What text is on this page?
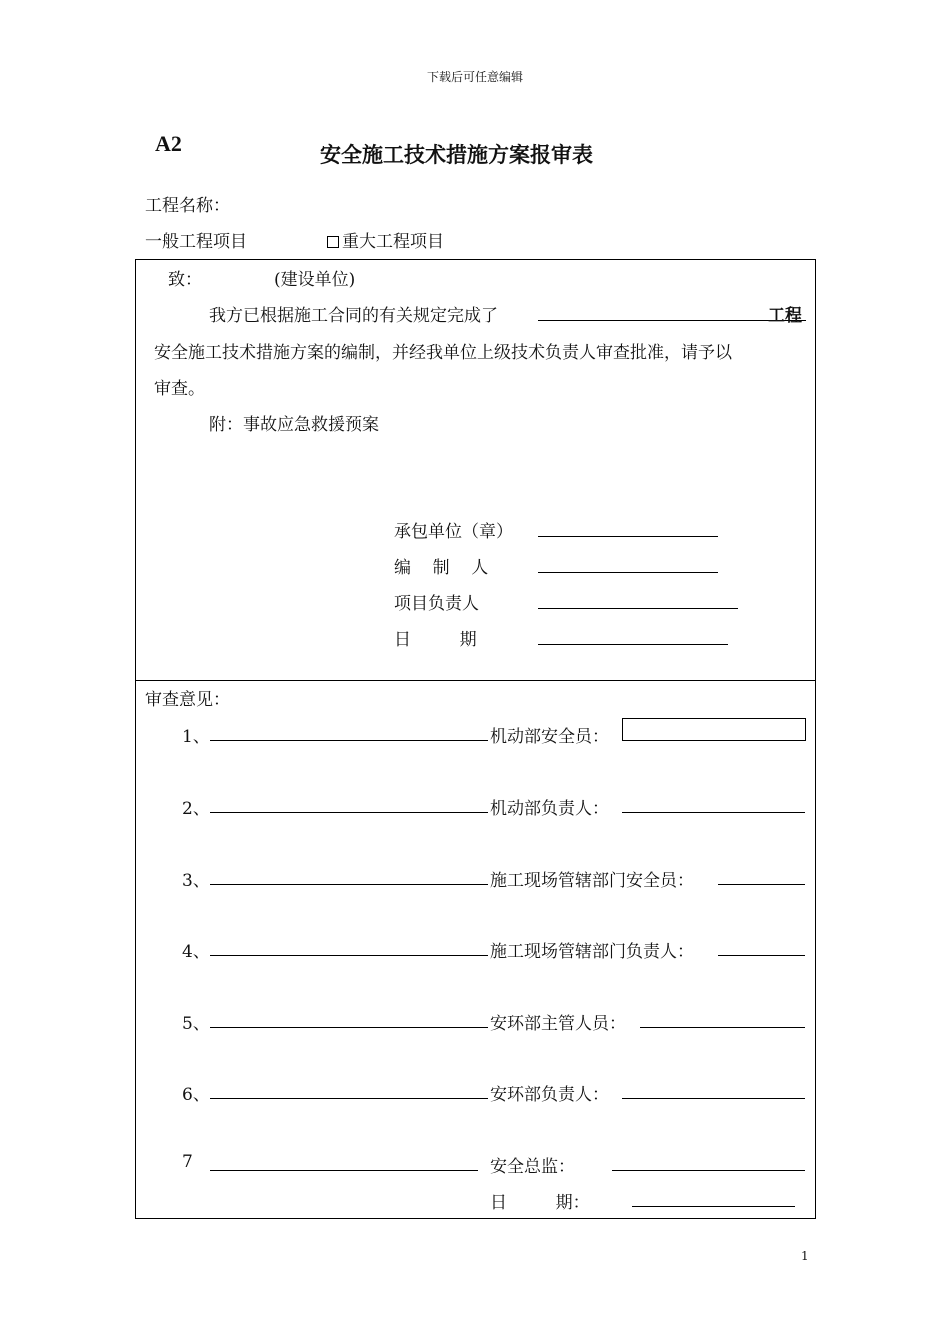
下载后可任意编辑
A2	安全施工技术措施方案报审表
工程名称：
一般工程项目	重大工程项目
致：	(建设单位)
我方已根据施工合同的有关规定完成了	工程
安全施工技术措施方案的编制，并经我单位上级技术负责人审查批准，请予以
审查。
附：事故应急救援预案
承包单位（章）
编    制    人
项目负责人
日         期
审查意见：
1、	机动部安全员：
2、	机动部负责人：
3、	施工现场管辖部门安全员：
4、	施工现场管辖部门负责人：
5、	安环部主管人员：
6、	安环部负责人：
7	安全总监：
日         期：
1
